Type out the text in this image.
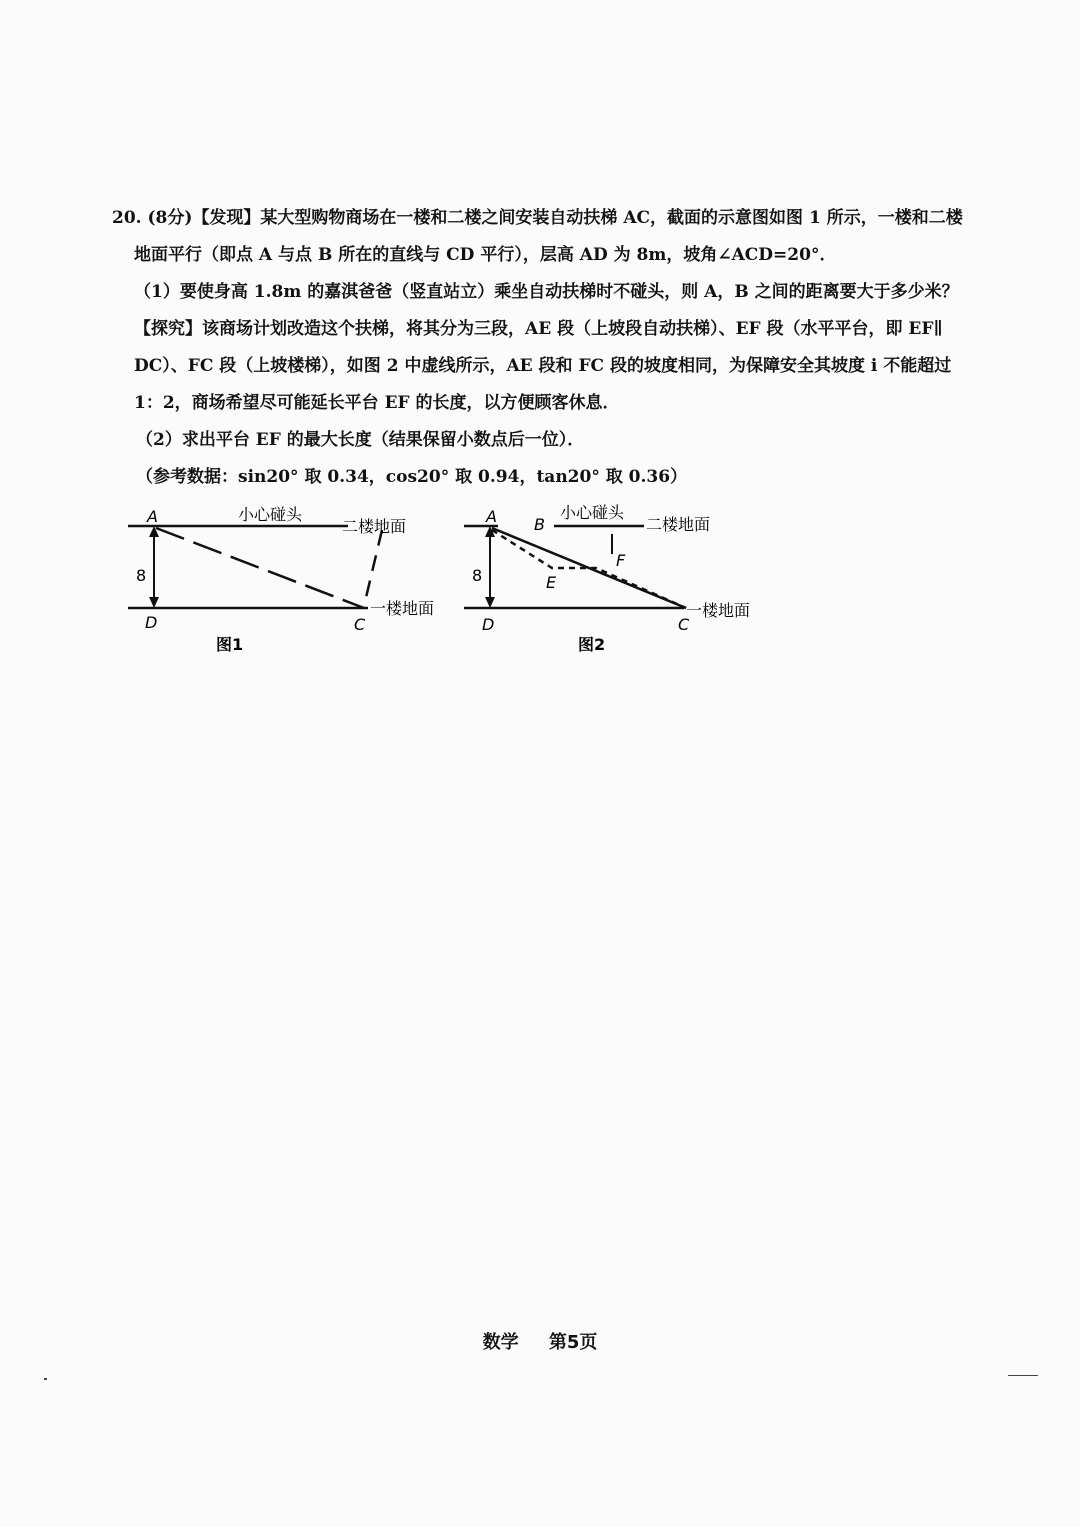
20. (8分)【发现】某大型购物商场在一楼和二楼之间安装自动扶梯 AC，截面的示意图如图 1 所示，一楼和二楼
地面平行（即点 A 与点 B 所在的直线与 CD 平行），层高 AD 为 8m，坡角∠ACD=20°．
（1）要使身高 1.8m 的嘉淇爸爸（竖直站立）乘坐自动扶梯时不碰头，则 A，B 之间的距离要大于多少米？
【探究】该商场计划改造这个扶梯，将其分为三段，AE 段（上坡段自动扶梯）、EF 段（水平平台，即 EF∥
DC）、FC 段（上坡楼梯），如图 2 中虚线所示，AE 段和 FC 段的坡度相同，为保障安全其坡度 i 不能超过
1：2，商场希望尽可能延长平台 EF 的长度，以方便顾客休息．
（2）求出平台 EF 的最大长度（结果保留小数点后一位）．
（参考数据：sin20° 取 0.34，cos20° 取 0.94，tan20° 取 0.36）
A	小心碰头
二楼地面
8
D	C
一楼地面
图1
A B
小心碰头
二楼地面
F
E
8
D	C
一楼地面
图2
数学 第5页
